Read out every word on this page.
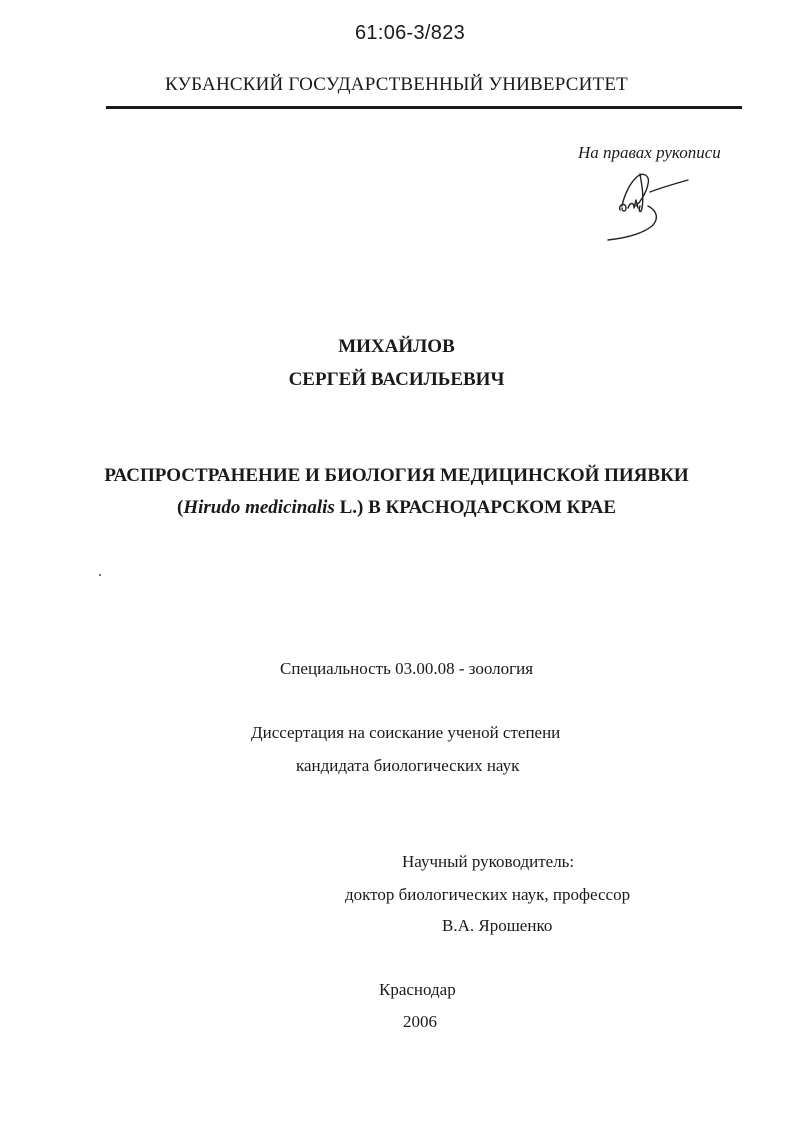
61:06-3/823
КУБАНСКИЙ ГОСУДАРСТВЕННЫЙ УНИВЕРСИТЕТ
На правах рукописи
МИХАЙЛОВ
СЕРГЕЙ ВАСИЛЬЕВИЧ
РАСПРОСТРАНЕНИЕ И БИОЛОГИЯ МЕДИЦИНСКОЙ ПИЯВКИ
(Hirudo medicinalis L.) В КРАСНОДАРСКОМ КРАЕ
Специальность 03.00.08 - зоология
Диссертация на соискание ученой степени
кандидата биологических наук
Научный руководитель:
доктор биологических наук, профессор
В.А. Ярошенко
Краснодар
2006
